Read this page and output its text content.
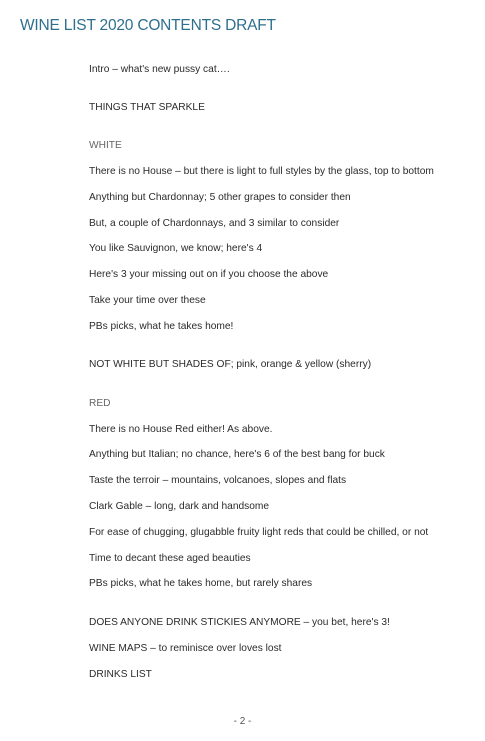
WINE LIST 2020 CONTENTS DRAFT
Intro – what's new pussy cat….
THINGS THAT SPARKLE
WHITE
There is no House – but there is light to full styles by the glass, top to bottom
Anything but Chardonnay; 5 other grapes to consider then
But, a couple of Chardonnays, and 3 similar to consider
You like Sauvignon, we know; here's 4
Here's 3 your missing out on if you choose the above
Take your time over these
PBs picks, what he takes home!
NOT WHITE BUT SHADES OF; pink, orange & yellow (sherry)
RED
There is no House Red either! As above.
Anything but Italian; no chance, here's 6 of the best bang for buck
Taste the terroir – mountains, volcanoes, slopes and flats
Clark Gable – long, dark and handsome
For ease of chugging, glugabble fruity light reds that could be chilled, or not
Time to decant these aged beauties
PBs picks, what he takes home, but rarely shares
DOES ANYONE DRINK STICKIES ANYMORE – you bet, here's 3!
WINE MAPS – to reminisce over loves lost
DRINKS LIST
- 2 -
